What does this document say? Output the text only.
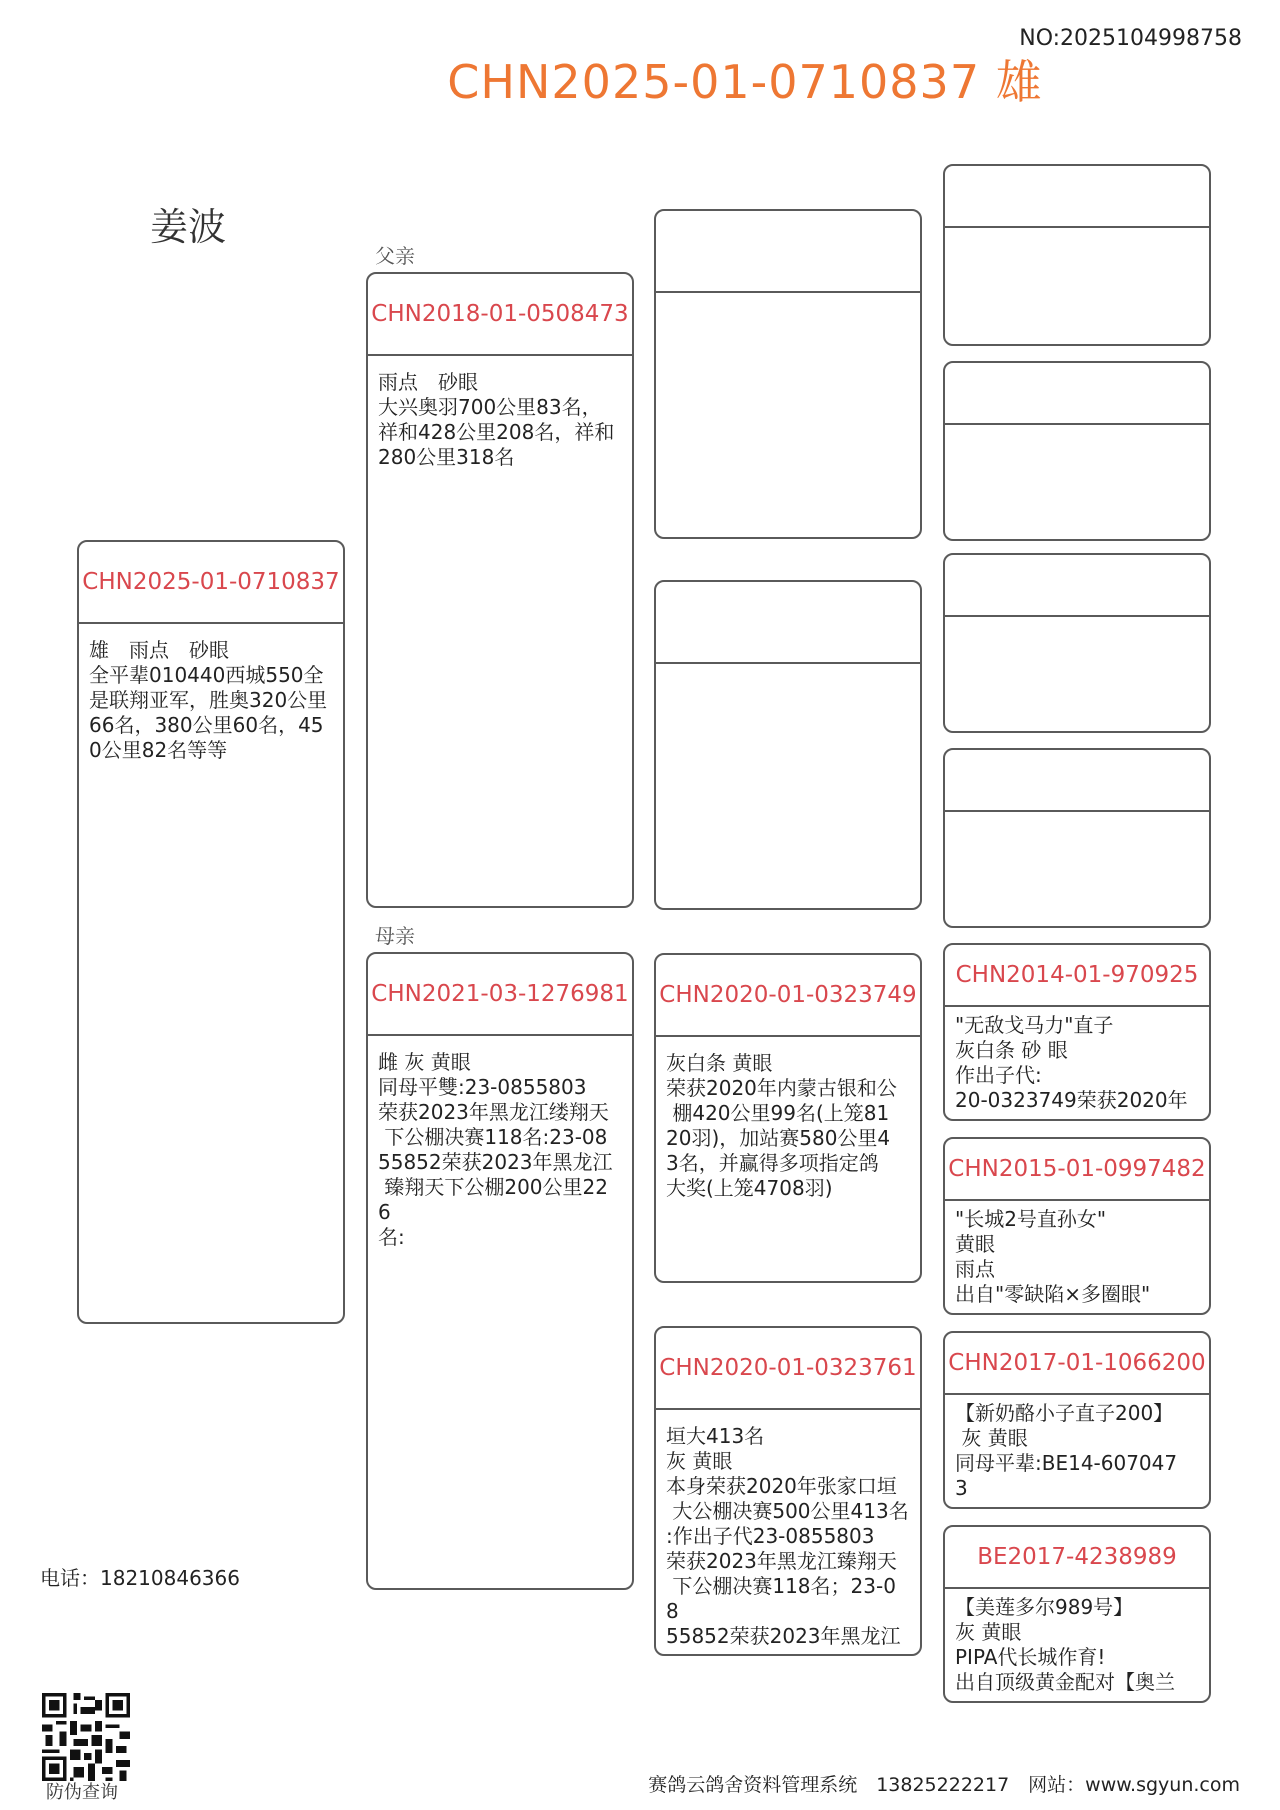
NO:2025104998758
CHN2025-01-0710837 雄
姜波
CHN2025-01-0710837
雄　雨点　砂眼
全平辈010440西城550全
是联翔亚军，胜奥320公里
66名，380公里60名，45
0公里82名等等
父亲
CHN2018-01-0508473
雨点　砂眼
大兴奥羽700公里83名，
祥和428公里208名，祥和
280公里318名
母亲
CHN2021-03-1276981
雌 灰 黄眼
同母平雙:23-0855803
荣获2023年黑龙江缕翔天
下公棚决赛118名:23-08
55852荣获2023年黑龙江
臻翔天下公棚200公里22
6
名:
CHN2020-01-0323749
灰白条 黄眼
荣获2020年内蒙古银和公
棚420公里99名(上笼81
20羽)，加站赛580公里4
3名，并赢得多项指定鸽
大奖(上笼4708羽)
CHN2020-01-0323761
垣大413名
灰 黄眼
本身荣获2020年张家口垣
大公棚决赛500公里413名
:作出子代23-0855803
荣获2023年黑龙江臻翔天
下公棚决赛118名；23-0
8
55852荣获2023年黑龙江
CHN2014-01-970925
"无敌戈马力"直子
灰白条 砂 眼
作出子代:
20-0323749荣获2020年
CHN2015-01-0997482
"长城2号直孙女"
黄眼
雨点
出自"零缺陷×多圈眼"
CHN2017-01-1066200
【新奶酪小子直子200】
灰 黄眼
同母平辈:BE14-607047
3
BE2017-4238989
【美莲多尔989号】
灰 黄眼
PIPA代长城作育!
出自顶级黄金配对【奥兰
电话：18210846366
防伪查询	赛鸽云鸽舍资料管理系统　13825222217　网站：www.sgyun.com
